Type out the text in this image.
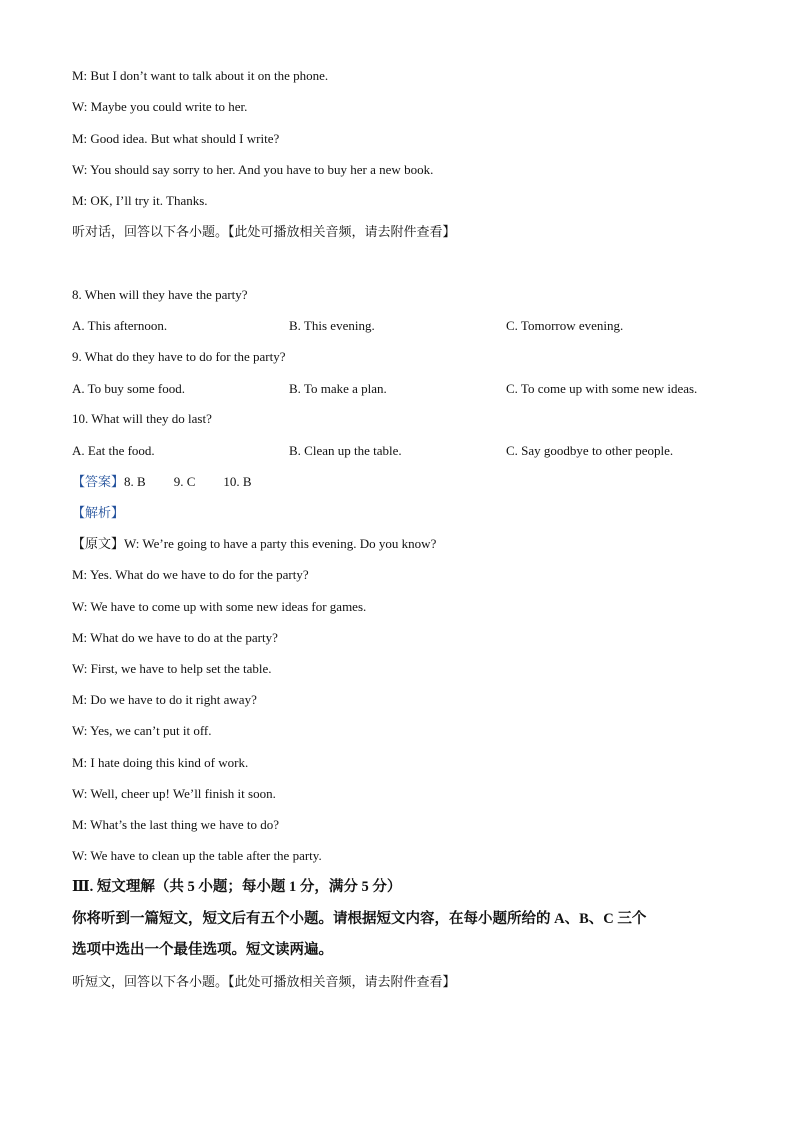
M: But I don’t want to talk about it on the phone.
W: Maybe you could write to her.
M: Good idea. But what should I write?
W: You should say sorry to her. And you have to buy her a new book.
M: OK, I’ll try it. Thanks.
听对话，回答以下各小题。【此处可播放相关音频，请去附件查看】
8. When will they have the party?
A. This afternoon.	B. This evening.	C. Tomorrow evening.
9. What do they have to do for the party?
A. To buy some food.	B. To make a plan.	C. To come up with some new ideas.
10. What will they do last?
A. Eat the food.	B. Clean up the table.	C. Say goodbye to other people.
【答案】8. B 9. C 10. B
【解析】
【原文】W: We’re going to have a party this evening. Do you know?
M: Yes. What do we have to do for the party?
W: We have to come up with some new ideas for games.
M: What do we have to do at the party?
W: First, we have to help set the table.
M: Do we have to do it right away?
W: Yes, we can’t put it off.
M: I hate doing this kind of work.
W: Well, cheer up! We’ll finish it soon.
M: What’s the last thing we have to do?
W: We have to clean up the table after the party.
Ⅲ. 短文理解（共 5 小题；每小题 1 分，满分 5 分）
你将听到一篇短文，短文后有五个小题。请根据短文内容，在每小题所给的 A、B、C 三个
选项中选出一个最佳选项。短文读两遍。
听短文，回答以下各小题。【此处可播放相关音频，请去附件查看】
